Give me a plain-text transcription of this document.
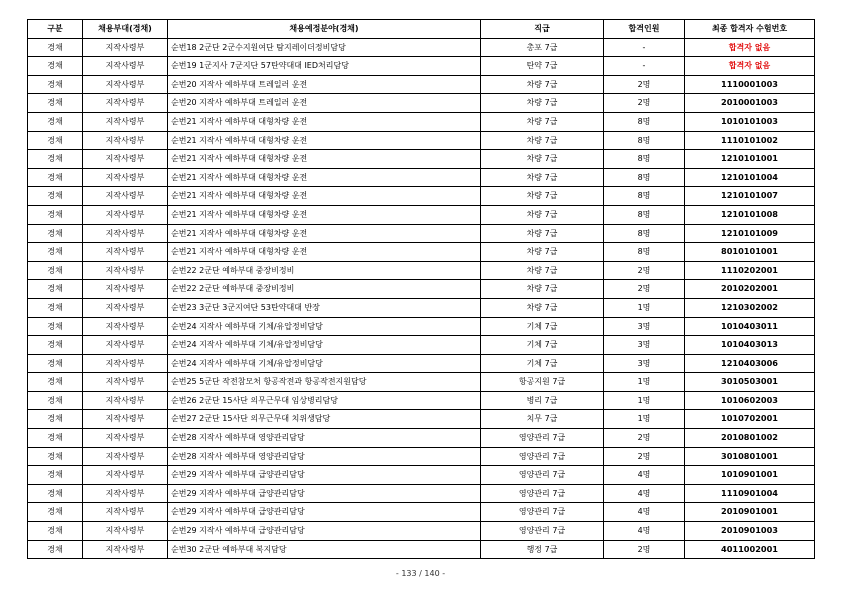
구분	채용부대(경채)	채용예정분야(경채)	직급	합격인원	최종 합격자 수험번호
경채	지작사령부	순번18 2군단 2군수지원여단 탐지레이더정비담당	총포 7급	-	합격자 없음
경채	지작사령부	순번19 1군지사 7군지단 57탄약대대 IED처리담당	탄약 7급	-	합격자 없음
경채	지작사령부	순번20 지작사 예하부대 트레일러 운전	차량 7급	2명	1110001003
경채	지작사령부	순번20 지작사 예하부대 트레일러 운전	차량 7급	2명	2010001003
경채	지작사령부	순번21 지작사 예하부대 대형차량 운전	차량 7급	8명	1010101003
경채	지작사령부	순번21 지작사 예하부대 대형차량 운전	차량 7급	8명	1110101002
경채	지작사령부	순번21 지작사 예하부대 대형차량 운전	차량 7급	8명	1210101001
경채	지작사령부	순번21 지작사 예하부대 대형차량 운전	차량 7급	8명	1210101004
경채	지작사령부	순번21 지작사 예하부대 대형차량 운전	차량 7급	8명	1210101007
경채	지작사령부	순번21 지작사 예하부대 대형차량 운전	차량 7급	8명	1210101008
경채	지작사령부	순번21 지작사 예하부대 대형차량 운전	차량 7급	8명	1210101009
경채	지작사령부	순번21 지작사 예하부대 대형차량 운전	차량 7급	8명	8010101001
경채	지작사령부	순번22 2군단 예하부대 중장비정비	차량 7급	2명	1110202001
경채	지작사령부	순번22 2군단 예하부대 중장비정비	차량 7급	2명	2010202001
경채	지작사령부	순번23 3군단 3군지여단 53탄약대대 반장	차량 7급	1명	1210302002
경채	지작사령부	순번24 지작사 예하부대 기체/유압정비담당	기체 7급	3명	1010403011
경채	지작사령부	순번24 지작사 예하부대 기체/유압정비담당	기체 7급	3명	1010403013
경채	지작사령부	순번24 지작사 예하부대 기체/유압정비담당	기체 7급	3명	1210403006
경채	지작사령부	순번25 5군단 작전참모처 항공작전과 항공작전지원담당	항공지원 7급	1명	3010503001
경채	지작사령부	순번26 2군단 15사단 의무근무대 임상병리담당	병리 7급	1명	1010602003
경채	지작사령부	순번27 2군단 15사단 의무근무대 치위생담당	치무 7급	1명	1010702001
경채	지작사령부	순번28 지작사 예하부대 영양관리담당	영양관리 7급	2명	2010801002
경채	지작사령부	순번28 지작사 예하부대 영양관리담당	영양관리 7급	2명	3010801001
경채	지작사령부	순번29 지작사 예하부대 급양관리담당	영양관리 7급	4명	1010901001
경채	지작사령부	순번29 지작사 예하부대 급양관리담당	영양관리 7급	4명	1110901004
경채	지작사령부	순번29 지작사 예하부대 급양관리담당	영양관리 7급	4명	2010901001
경채	지작사령부	순번29 지작사 예하부대 급양관리담당	영양관리 7급	4명	2010901003
경채	지작사령부	순번30 2군단 예하부대 복지담당	행정 7급	2명	4011002001
- 133 / 140 -
